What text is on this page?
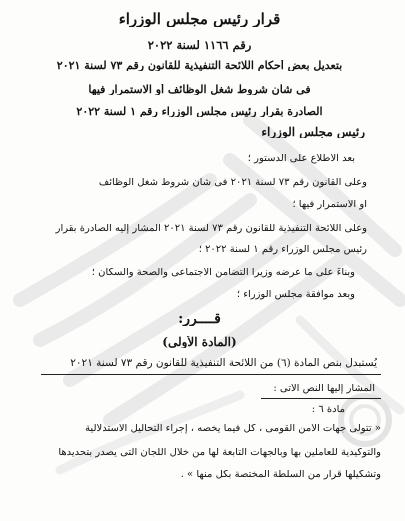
قرار رئيس مجلس الوزراء
رقم ١١٦٦ لسنة ٢٠٢٢
بتعديل بعض أحكام اللائحة التنفيذية للقانون رقم ٧٣ لسنة ٢٠٢١
فى شأن شروط شغل الوظائف أو الاستمرار فيها
الصادرة بقرار رئيس مجلس الوزراء رقم ١ لسنة ٢٠٢٢
رئيس مجلس الوزراء
بعد الاطلاع على الدستور ؛
وعلى القانون رقم ٧٣ لسنة ٢٠٢١ فى شأن شروط شغل الوظائف
أو الاستمرار فيها ؛
وعلى اللائحة التنفيذية للقانون رقم ٧٣ لسنة ٢٠٢١ المشار إليه الصادرة بقرار
رئيس مجلس الوزراء رقم ١ لسنة ٢٠٢٢ ؛
وبناءً على ما عرضه وزيرا التضامن الاجتماعى والصحة والسكان ؛
وبعد موافقة مجلس الوزراء ؛
قــــرر:
(المادة الأولى)
يُستبدل بنص المادة (٦) من اللائحة التنفيذية للقانون رقم ٧٣ لسنة ٢٠٢١
المشار إليها النص الآتى :
مادة ٦ :
« تتولى جهات الأمن القومى ، كل فيما يخصه ، إجراء التحاليل الاستدلالية
والتوكيدية للعاملين بها وبالجهات التابعة لها من خلال اللجان التى يصدر بتحديدها
وتشكيلها قرار من السلطة المختصة بكل منها » .
